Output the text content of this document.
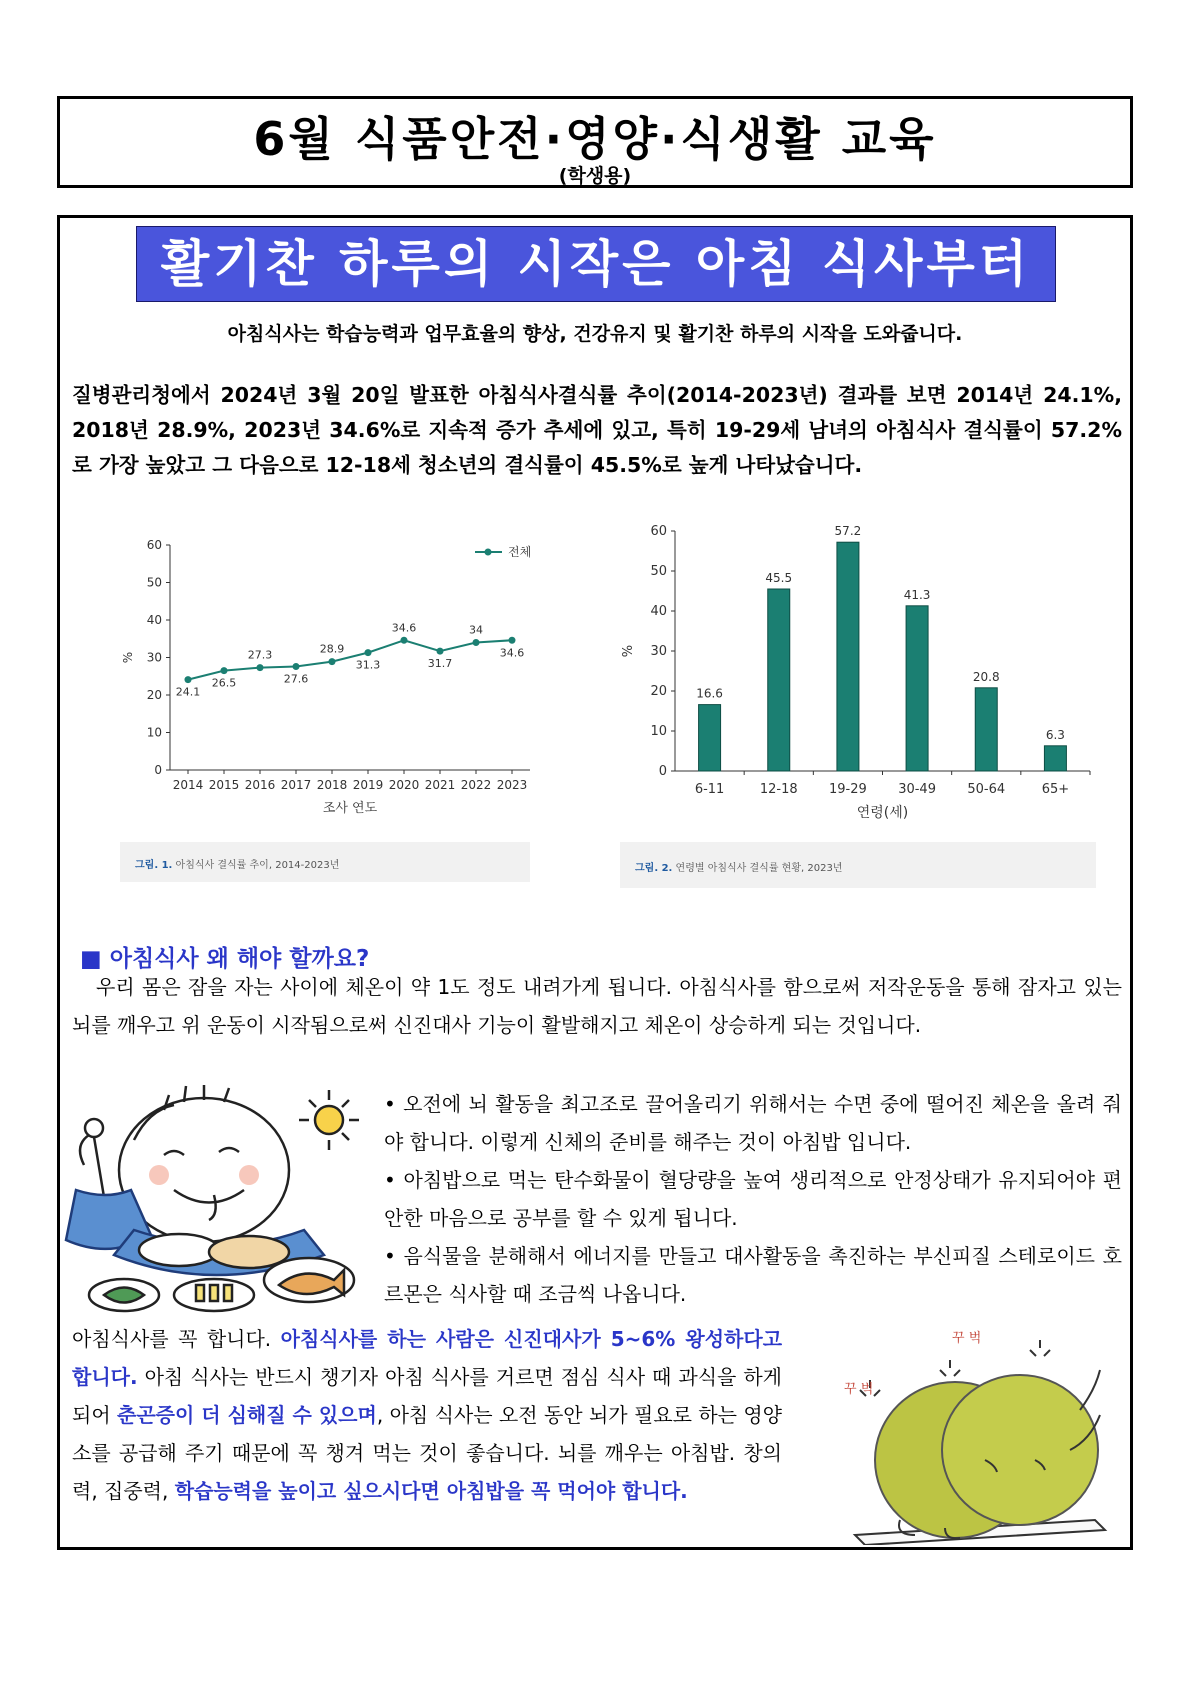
6월 식품안전·영양·식생활 교육
(학생용)
활기찬 하루의 시작은 아침 식사부터
아침식사는 학습능력과 업무효율의 향상, 건강유지 및 활기찬 하루의 시작을 도와줍니다.
질병관리청에서 2024년 3월 20일 발표한 아침식사결식률 추이(2014-2023년) 결과를 보면 2014년 24.1%, 2018년 28.9%, 2023년 34.6%로 지속적 증가 추세에 있고, 특히 19-29세 남녀의 아침식사 결식률이 57.2%로 가장 높았고 그 다음으로 12-18세 청소년의 결식률이 45.5%로 높게 나타났습니다.
0
10
20
30
40
50
60
%
24.1
2014
26.5
2015
27.3
2016
27.6
2017
28.9
2018
31.3
2019
34.6
2020
31.7
2021
34
2022
34.6
2023
조사 연도
전체
그림. 1. 아침식사 결식률 추이, 2014-2023년
0
10
20
30
40
50
60
%
16.6
6-11
45.5
12-18
57.2
19-29
41.3
30-49
20.8
50-64
6.3
65+
연령(세)
그림. 2. 연령별 아침식사 결식률 현황, 2023년
■ 아침식사 왜 해야 할까요?
우리 몸은 잠을 자는 사이에 체온이 약 1도 정도 내려가게 됩니다. 아침식사를 함으로써 저작운동을 통해 잠자고 있는 뇌를 깨우고 위 운동이 시작됨으로써 신진대사 기능이 활발해지고 체온이 상승하게 되는 것입니다.
• 오전에 뇌 활동을 최고조로 끌어올리기 위해서는 수면 중에 떨어진 체온을 올려 줘야 합니다. 이렇게 신체의 준비를 해주는 것이 아침밥 입니다.
• 아침밥으로 먹는 탄수화물이 혈당량을 높여 생리적으로 안정상태가 유지되어야 편안한 마음으로 공부를 할 수 있게 됩니다.
• 음식물을 분해해서 에너지를 만들고 대사활동을 촉진하는 부신피질 스테로이드 호르몬은 식사할 때 조금씩 나옵니다.
아침식사를 꼭 합니다. 아침식사를 하는 사람은 신진대사가 5~6% 왕성하다고 합니다. 아침 식사는 반드시 챙기자 아침 식사를 거르면 점심 식사 때 과식을 하게 되어 춘곤증이 더 심해질 수 있으며, 아침 식사는 오전 동안 뇌가 필요로 하는 영양소를 공급해 주기 때문에 꼭 챙겨 먹는 것이 좋습니다. 뇌를 깨우는 아침밥. 창의력, 집중력, 학습능력을 높이고 싶으시다면 아침밥을 꼭 먹어야 합니다.
꾸 벅
꾸 벅
